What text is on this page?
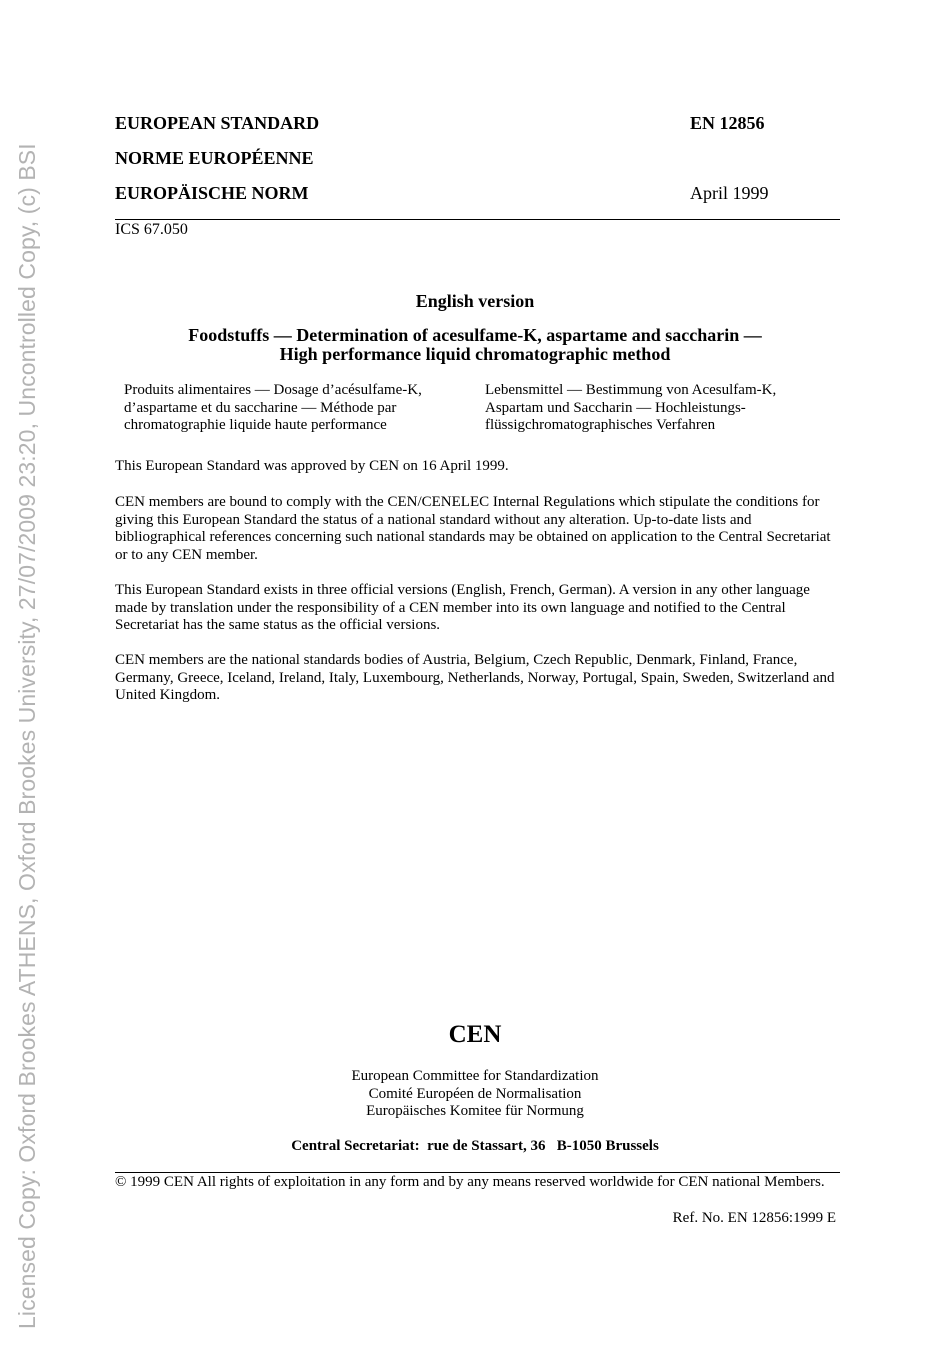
Licensed Copy: Oxford Brookes ATHENS, Oxford Brookes University, 27/07/2009 23:20, Uncontrolled Copy, (c) BSI
EUROPEAN STANDARD	EN 12856
NORME EUROPÉENNE
EUROPÄISCHE NORM	April 1999
ICS 67.050
English version
Foodstuffs — Determination of acesulfame-K, aspartame and saccharin —
High performance liquid chromatographic method
Produits alimentaires — Dosage d’acésulfame-K,
d’aspartame et du saccharine — Méthode par
chromatographie liquide haute performance
Lebensmittel — Bestimmung von Acesulfam-K,
Aspartam und Saccharin — Hochleistungs-
flüssigchromatographisches Verfahren
This European Standard was approved by CEN on 16 April 1999.
CEN members are bound to comply with the CEN/CENELEC Internal Regulations which stipulate the conditions for giving this European Standard the status of a national standard without any alteration. Up-to-date lists and bibliographical references concerning such national standards may be obtained on application to the Central Secretariat or to any CEN member.
This European Standard exists in three official versions (English, French, German). A version in any other language made by translation under the responsibility of a CEN member into its own language and notified to the Central Secretariat has the same status as the official versions.
CEN members are the national standards bodies of Austria, Belgium, Czech Republic, Denmark, Finland, France, Germany, Greece, Iceland, Ireland, Italy, Luxembourg, Netherlands, Norway, Portugal, Spain, Sweden, Switzerland and United Kingdom.
CEN
European Committee for Standardization
Comité Européen de Normalisation
Europäisches Komitee für Normung
Central Secretariat:  rue de Stassart, 36   B-1050 Brussels
© 1999 CEN All rights of exploitation in any form and by any means reserved worldwide for CEN national Members.
Ref. No. EN 12856:1999 E
